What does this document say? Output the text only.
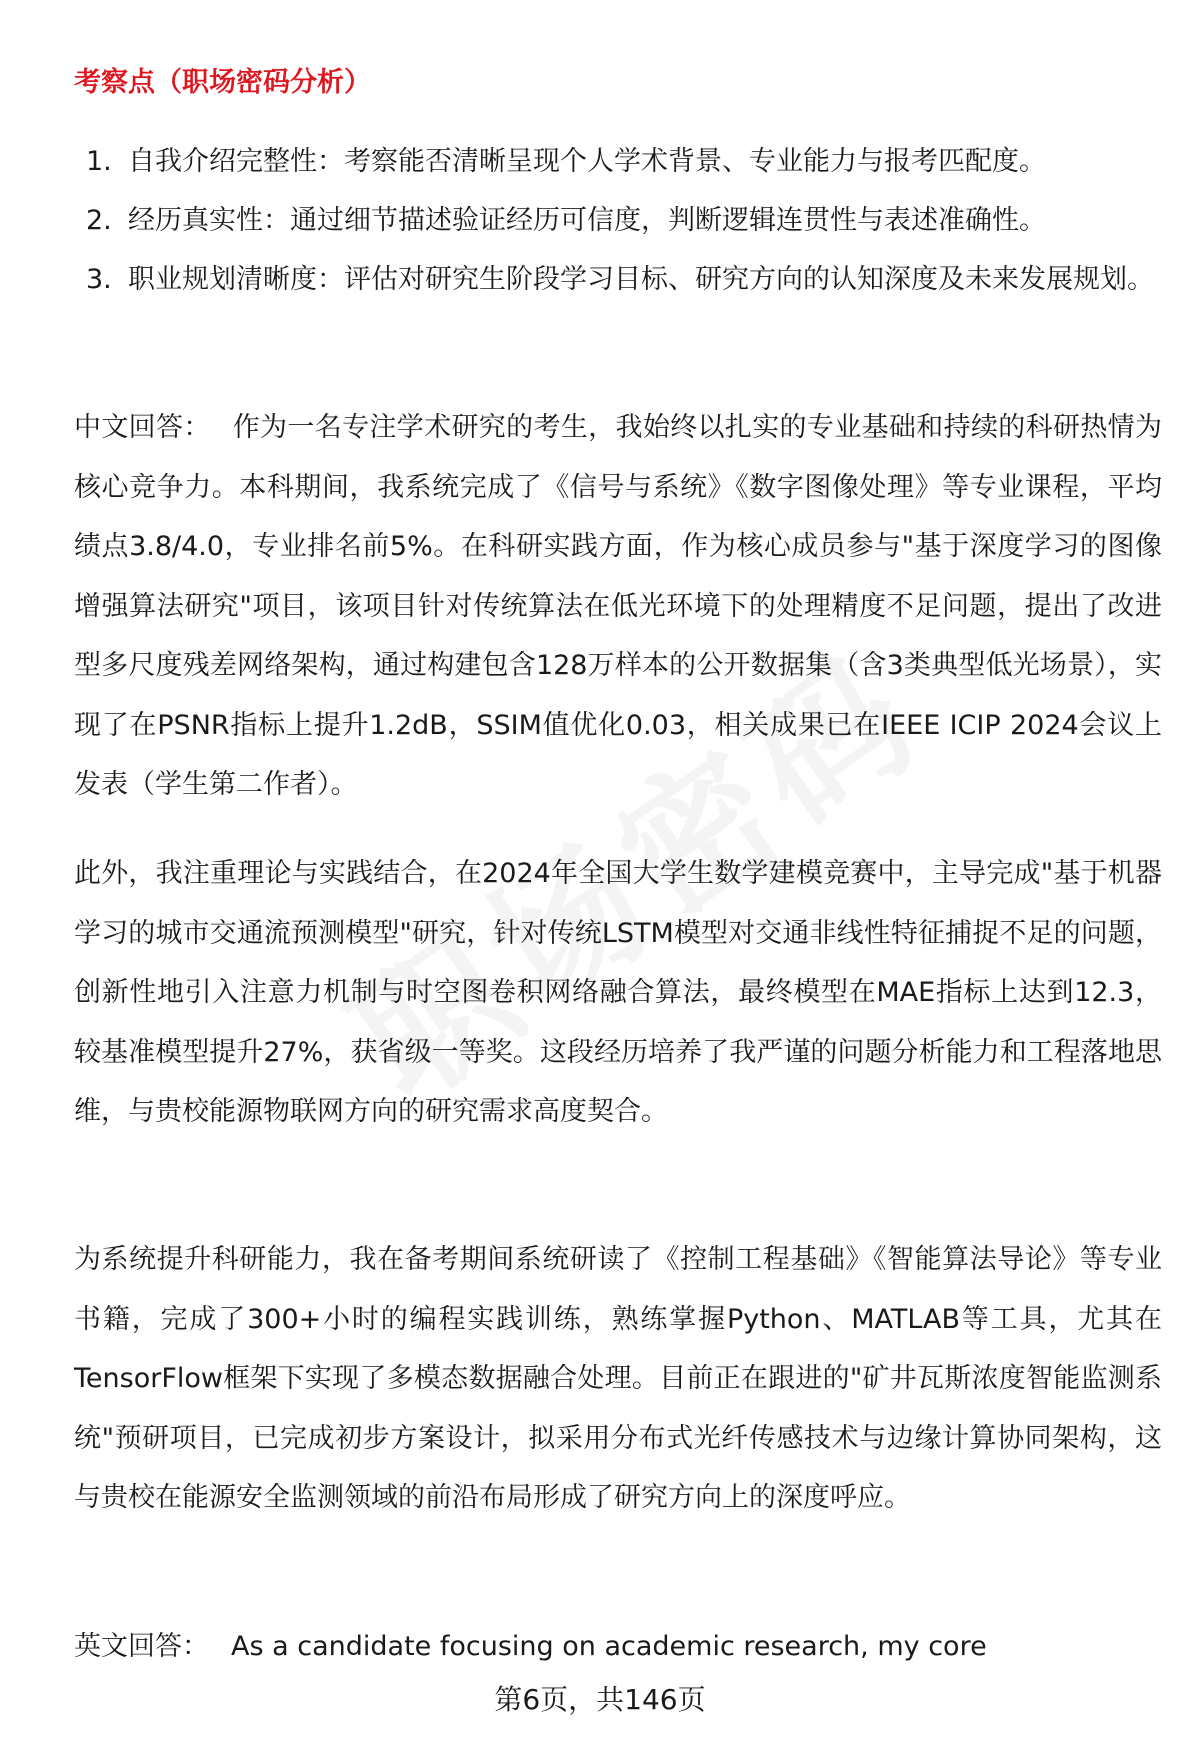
考察点（职场密码分析）
1. 自我介绍完整性：考察能否清晰呈现个人学术背景、专业能力与报考匹配度。
2. 经历真实性：通过细节描述验证经历可信度，判断逻辑连贯性与表述准确性。
3. 职业规划清晰度：评估对研究生阶段学习目标、研究方向的认知深度及未来发展规划。

中文回答： 作为一名专注学术研究的考生，我始终以扎实的专业基础和持续的科研热情为核心竞争力。本科期间，我系统完成了《信号与系统》《数字图像处理》等专业课程，平均绩点3.8/4.0，专业排名前5%。在科研实践方面，作为核心成员参与"基于深度学习的图像增强算法研究"项目，该项目针对传统算法在低光环境下的处理精度不足问题，提出了改进型多尺度残差网络架构，通过构建包含128万样本的公开数据集（含3类典型低光场景），实现了在PSNR指标上提升1.2dB，SSIM值优化0.03，相关成果已在IEEE ICIP 2024会议上发表（学生第二作者）。

此外，我注重理论与实践结合，在2024年全国大学生数学建模竞赛中，主导完成"基于机器学习的城市交通流预测模型"研究，针对传统LSTM模型对交通非线性特征捕捉不足的问题，创新性地引入注意力机制与时空图卷积网络融合算法，最终模型在MAE指标上达到12.3，较基准模型提升27%，获省级一等奖。这段经历培养了我严谨的问题分析能力和工程落地思维，与贵校能源物联网方向的研究需求高度契合。

为系统提升科研能力，我在备考期间系统研读了《控制工程基础》《智能算法导论》等专业书籍，完成了300+小时的编程实践训练，熟练掌握Python、MATLAB等工具，尤其在TensorFlow框架下实现了多模态数据融合处理。目前正在跟进的"矿井瓦斯浓度智能监测系统"预研项目，已完成初步方案设计，拟采用分布式光纤传感技术与边缘计算协同架构，这与贵校在能源安全监测领域的前沿布局形成了研究方向上的深度呼应。

英文回答： As a candidate focusing on academic research, my core

第6页，共146页
